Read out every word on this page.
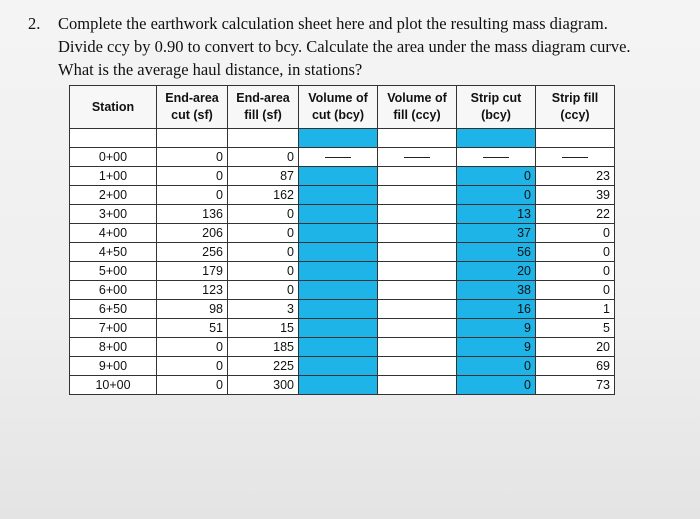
2. Complete the earthwork calculation sheet here and plot the resulting mass diagram.
Divide ccy by 0.90 to convert to bcy. Calculate the area under the mass diagram curve.
What is the average haul distance, in stations?
Station	End-area cut (sf)	End-area fill (sf)	Volume of cut (bcy)	Volume of fill (ccy)	Strip cut (bcy)	Strip fill (ccy)

0+00	0	0				
1+00	0	87			0	23
2+00	0	162			0	39
3+00	136	0			13	22
4+00	206	0			37	0
4+50	256	0			56	0
5+00	179	0			20	0
6+00	123	0			38	0
6+50	98	3			16	1
7+00	51	15			9	5
8+00	0	185			9	20
9+00	0	225			0	69
10+00	0	300			0	73
